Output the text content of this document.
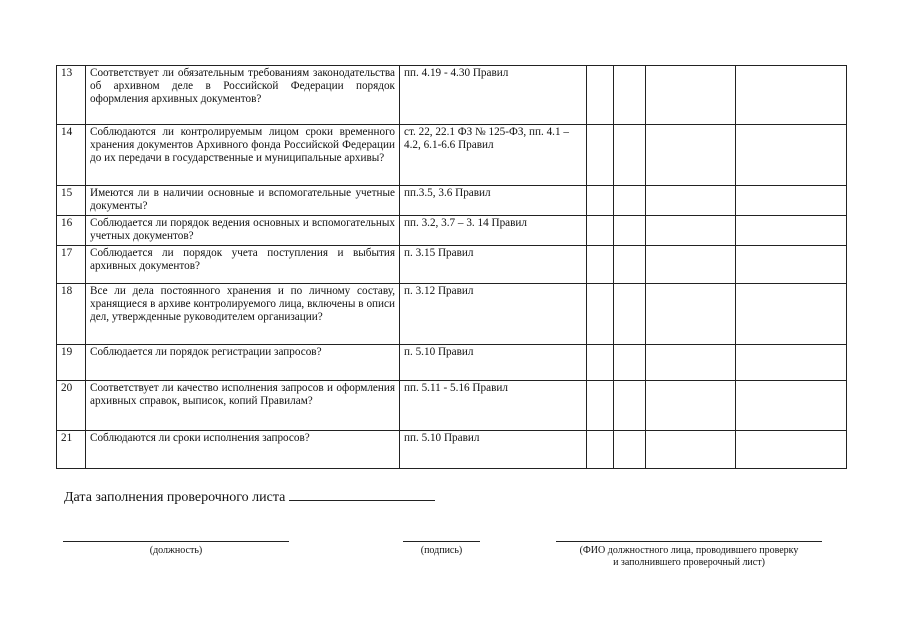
13	Соответствует ли обязательным требованиям законодательства об архивном деле в Российской Федерации порядок оформления архивных документов?	пп. 4.19 - 4.30 Правил				
14	Соблюдаются ли контролируемым лицом сроки временного хранения документов Архивного фонда Российской Федерации до их передачи в государственные и муниципальные архивы?	ст. 22, 22.1 ФЗ № 125-ФЗ, пп. 4.1 – 4.2, 6.1-6.6 Правил				
15	Имеются ли в наличии основные и вспомогательные учетные документы?	пп.3.5, 3.6 Правил				
16	Соблюдается ли порядок ведения основных и вспомогательных учетных документов?	пп. 3.2, 3.7 – 3. 14 Правил				
17	Соблюдается ли порядок учета поступления и выбытия архивных документов?	п. 3.15 Правил				
18	Все ли дела постоянного хранения и по личному составу, хранящиеся в архиве контролируемого лица, включены в описи дел, утвержденные руководителем организации?	п. 3.12 Правил				
19	Соблюдается ли порядок регистрации запросов?	п. 5.10 Правил				
20	Соответствует ли качество исполнения запросов и оформления архивных справок, выписок, копий Правилам?	пп. 5.11 - 5.16 Правил				
21	Соблюдаются ли сроки исполнения запросов?	пп. 5.10 Правил				
Дата заполнения проверочного листа
(должность)	(подпись)	(ФИО должностного лица, проводившего проверку
и заполнившего проверочный лист)
